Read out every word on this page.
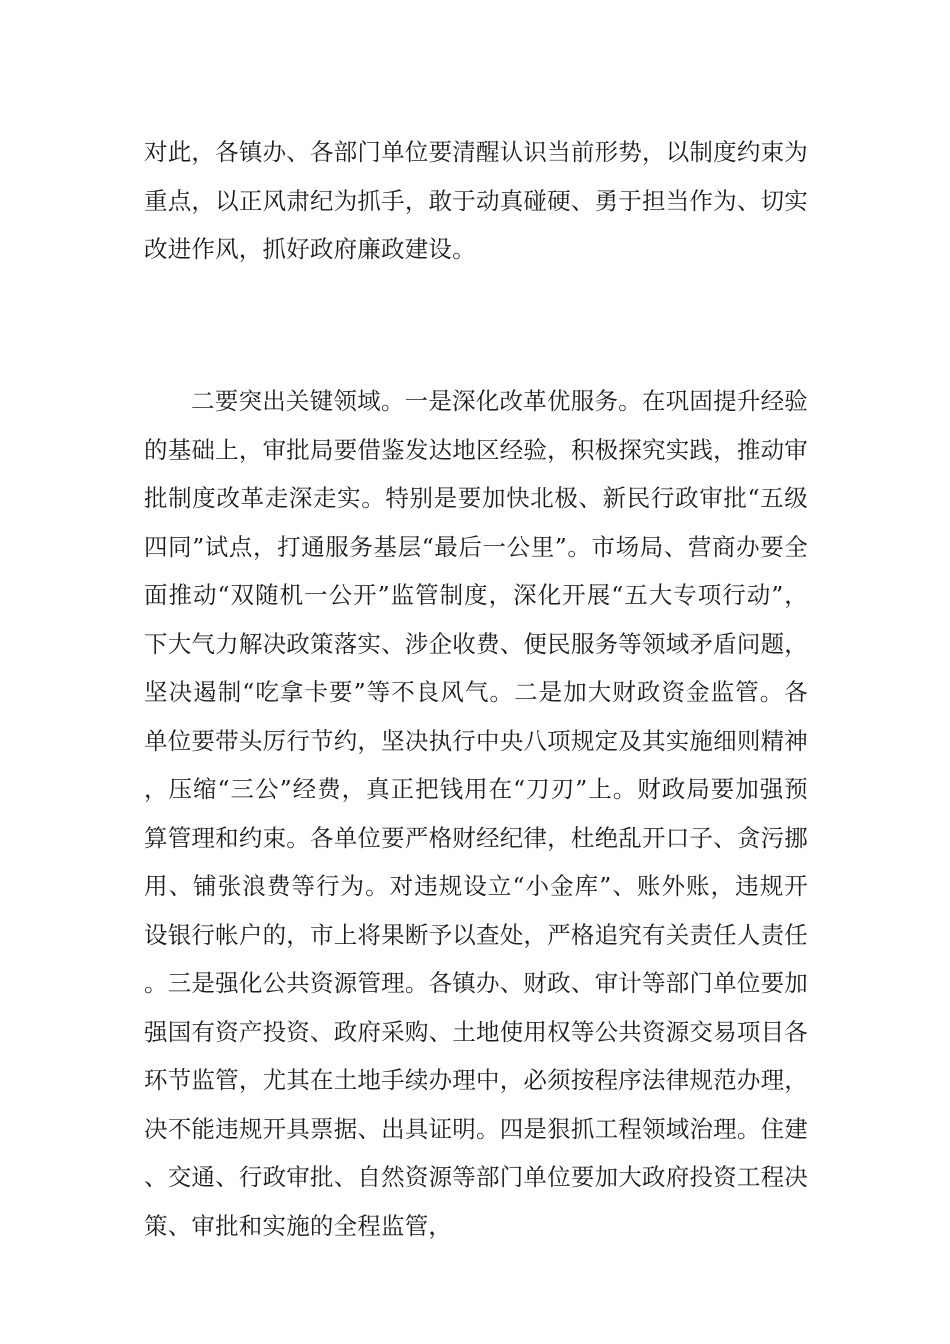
对此，各镇办、各部门单位要清醒认识当前形势，以制度约束为重点，以正风肃纪为抓手，敢于动真碰硬、勇于担当作为、切实改进作风，抓好政府廉政建设。

二要突出关键领域。一是深化改革优服务。在巩固提升经验的基础上，审批局要借鉴发达地区经验，积极探究实践，推动审批制度改革走深走实。特别是要加快北极、新民行政审批“五级四同”试点，打通服务基层“最后一公里”。市场局、营商办要全面推动“双随机一公开”监管制度，深化开展“五大专项行动”，下大气力解决政策落实、涉企收费、便民服务等领域矛盾问题，坚决遏制“吃拿卡要”等不良风气。二是加大财政资金监管。各单位要带头厉行节约，坚决执行中央八项规定及其实施细则精神，压缩“三公”经费，真正把钱用在“刀刃”上。财政局要加强预算管理和约束。各单位要严格财经纪律，杜绝乱开口子、贪污挪用、铺张浪费等行为。对违规设立“小金库”、账外账，违规开设银行帐户的，市上将果断予以查处，严格追究有关责任人责任。三是强化公共资源管理。各镇办、财政、审计等部门单位要加强国有资产投资、政府采购、土地使用权等公共资源交易项目各环节监管，尤其在土地手续办理中，必须按程序法律规范办理，决不能违规开具票据、出具证明。四是狠抓工程领域治理。住建、交通、行政审批、自然资源等部门单位要加大政府投资工程决策、审批和实施的全程监管，
